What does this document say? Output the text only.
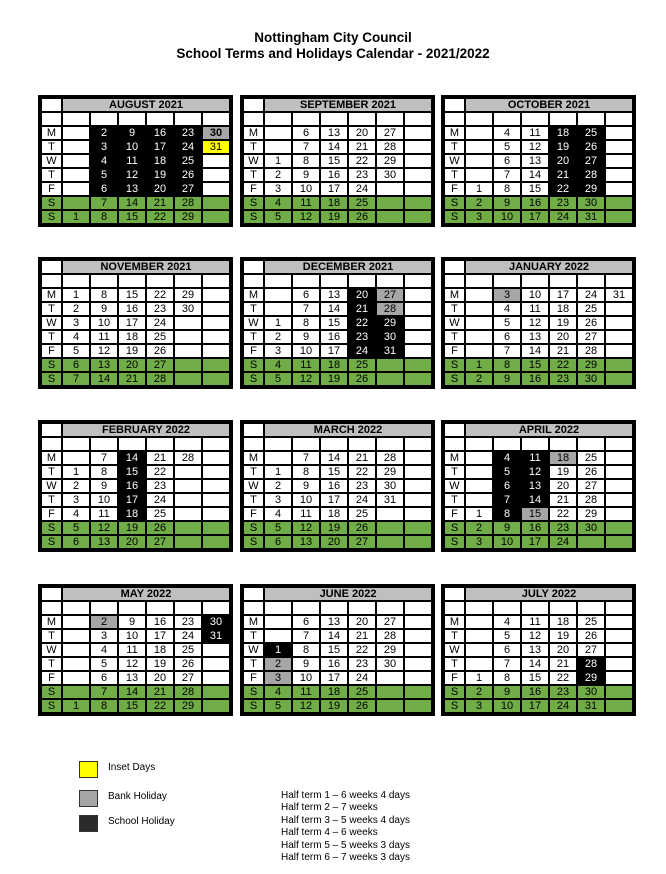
Nottingham City Council
School Terms and Holidays Calendar - 2021/2022
	AUGUST 2021					

M		2	9	16	23	30
T		3	10	17	24	31
W		4	11	18	25	
T		5	12	19	26	
F		6	13	20	27	
S		7	14	21	28	
S	1	8	15	22	29	
	SEPTEMBER 2021					

M		6	13	20	27	
T		7	14	21	28	
W	1	8	15	22	29	
T	2	9	16	23	30	
F	3	10	17	24		
S	4	11	18	25		
S	5	12	19	26		
	OCTOBER 2021					

M		4	11	18	25	
T		5	12	19	26	
W		6	13	20	27	
T		7	14	21	28	
F	1	8	15	22	29	
S	2	9	16	23	30	
S	3	10	17	24	31	
	NOVEMBER 2021					

M	1	8	15	22	29	
T	2	9	16	23	30	
W	3	10	17	24		
T	4	11	18	25		
F	5	12	19	26		
S	6	13	20	27		
S	7	14	21	28		
	DECEMBER 2021					

M		6	13	20	27	
T		7	14	21	28	
W	1	8	15	22	29	
T	2	9	16	23	30	
F	3	10	17	24	31	
S	4	11	18	25		
S	5	12	19	26		
	JANUARY 2022					

M		3	10	17	24	31
T		4	11	18	25	
W		5	12	19	26	
T		6	13	20	27	
F		7	14	21	28	
S	1	8	15	22	29	
S	2	9	16	23	30	
	FEBRUARY 2022					

M		7	14	21	28	
T	1	8	15	22		
W	2	9	16	23		
T	3	10	17	24		
F	4	11	18	25		
S	5	12	19	26		
S	6	13	20	27		
	MARCH 2022					

M		7	14	21	28	
T	1	8	15	22	29	
W	2	9	16	23	30	
T	3	10	17	24	31	
F	4	11	18	25		
S	5	12	19	26		
S	6	13	20	27		
	APRIL 2022					

M		4	11	18	25	
T		5	12	19	26	
W		6	13	20	27	
T		7	14	21	28	
F	1	8	15	22	29	
S	2	9	16	23	30	
S	3	10	17	24		
	MAY 2022					

M		2	9	16	23	30
T		3	10	17	24	31
W		4	11	18	25	
T		5	12	19	26	
F		6	13	20	27	
S		7	14	21	28	
S	1	8	15	22	29	
	JUNE 2022					

M		6	13	20	27	
T		7	14	21	28	
W	1	8	15	22	29	
T	2	9	16	23	30	
F	3	10	17	24		
S	4	11	18	25		
S	5	12	19	26		
	JULY 2022					

M		4	11	18	25	
T		5	12	19	26	
W		6	13	20	27	
T		7	14	21	28	
F	1	8	15	22	29	
S	2	9	16	23	30	
S	3	10	17	24	31	
Inset Days
Bank Holiday
School Holiday
Half term 1 – 6 weeks 4 days
Half term 2 – 7 weeks
Half term 3 – 5 weeks 4 days
Half term 4 – 6 weeks
Half term 5 – 5 weeks 3 days
Half term 6 – 7 weeks 3 days
